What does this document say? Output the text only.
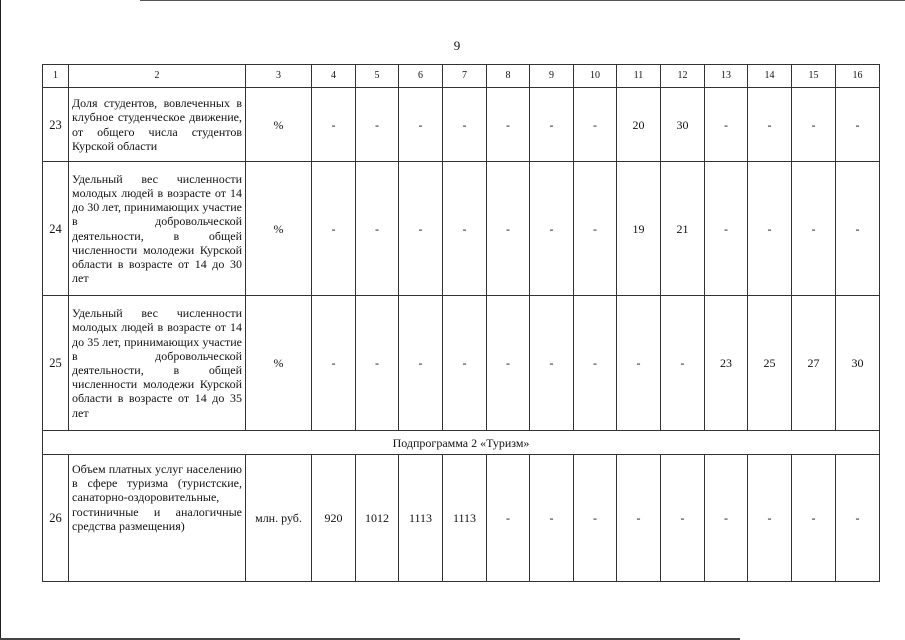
9
1	2	3	4	5	6	7	8	9	10	11	12	13	14	15	16
23	Доля студентов, вовлеченных в клубное студенческое движение, от общего числа студентов Курской области	%	-	-	-	-	-	-	-	20	30	-	-	-	-
24	Удельный вес численности молодых людей в возрасте от 14 до 30 лет, принимающих участие в добровольческой деятельности, в общей численности молодежи Курской области в возрасте от 14 до 30 лет	%	-	-	-	-	-	-	-	19	21	-	-	-	-
25	Удельный вес численности молодых людей в возрасте от 14 до 35 лет, принимающих участие в добровольческой деятельности, в общей численности молодежи Курской области в возрасте от 14 до 35 лет	%	-	-	-	-	-	-	-	-	-	23	25	27	30
Подпрограмма 2 «Туризм»															
26	Объем платных услуг населению в сфере туризма (туристские, санаторно-оздоровительные, гостиничные и аналогичные средства размещения)	млн. руб.	920	1012	1113	1113	-	-	-	-	-	-	-	-	-
